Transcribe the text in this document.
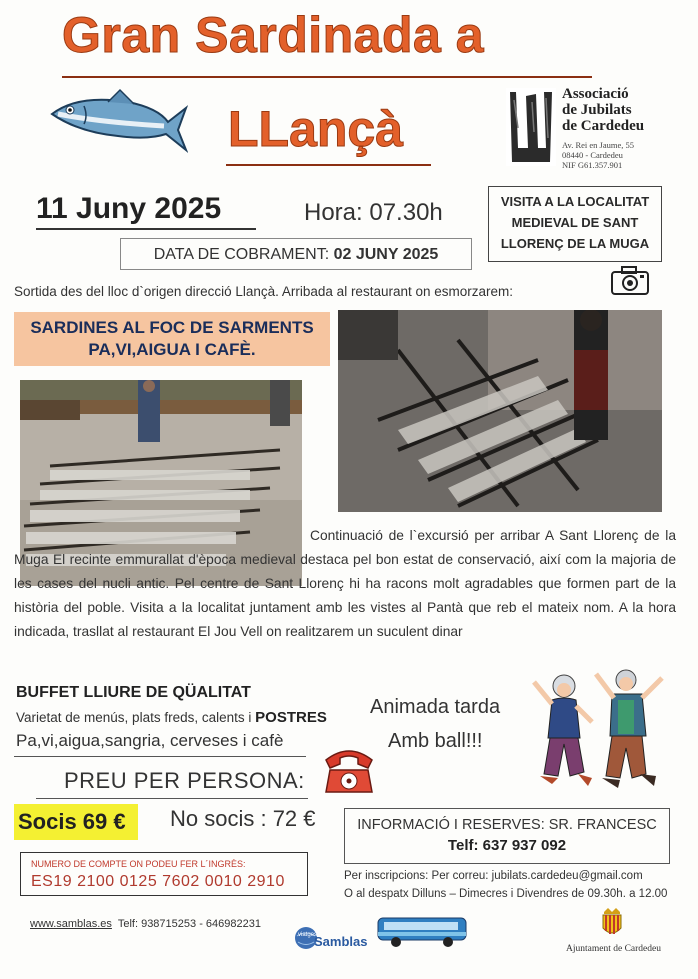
Gran Sardinada a
LLançà
Associació
de Jubilats
de Cardedeu
Av. Rei en Jaume, 55
08440 - Cardedeu
NIF G61.357.901
11 Juny 2025	Hora: 07.30h	VISITA A LA LOCALITAT
MEDIEVAL DE SANT
LLORENÇ DE LA MUGA
DATA DE COBRAMENT: 02 JUNY 2025
Sortida des del lloc d`origen direcció Llançà. Arribada al restaurant on esmorzarem:
SARDINES AL FOC DE SARMENTS
PA,VI,AIGUA I CAFÈ.
Continuació de l`excursió per arribar A Sant Llorenç de la Muga El recinte emmurallat d'època medieval destaca pel bon estat de conservació, així com la majoria de les cases del nucli antic. Pel centre de Sant Llorenç hi ha racons molt agradables que formen part de la història del poble. Visita a la localitat juntament amb les vistes al Pantà que reb el mateix nom. A la hora indicada, trasllat al restaurant El Jou Vell on realitzarem un suculent dinar
BUFFET LLIURE DE QÜALITAT
Varietat de menús, plats freds, calents i POSTRES
Pa,vi,aigua,sangria, cerveses i cafè
Animada tarda
Amb ball!!!
PREU PER PERSONA:
Socis 69 €	No socis : 72 €	INFORMACIÓ I RESERVES: SR. FRANCESC
Telf: 637 937 092
NUMERO DE COMPTE ON PODEU FER L´INGRÈS:
ES19 2100 0125 7602 0010 2910	Per inscripcions: Per correu: jubilats.cardedeu@gmail.com
O al despatx Dilluns – Dimecres i Divendres de 09.30h. a 12.00
www.samblas.es Telf: 938715253 - 646982231
viatges
Samblas	Ajuntament de Cardedeu
